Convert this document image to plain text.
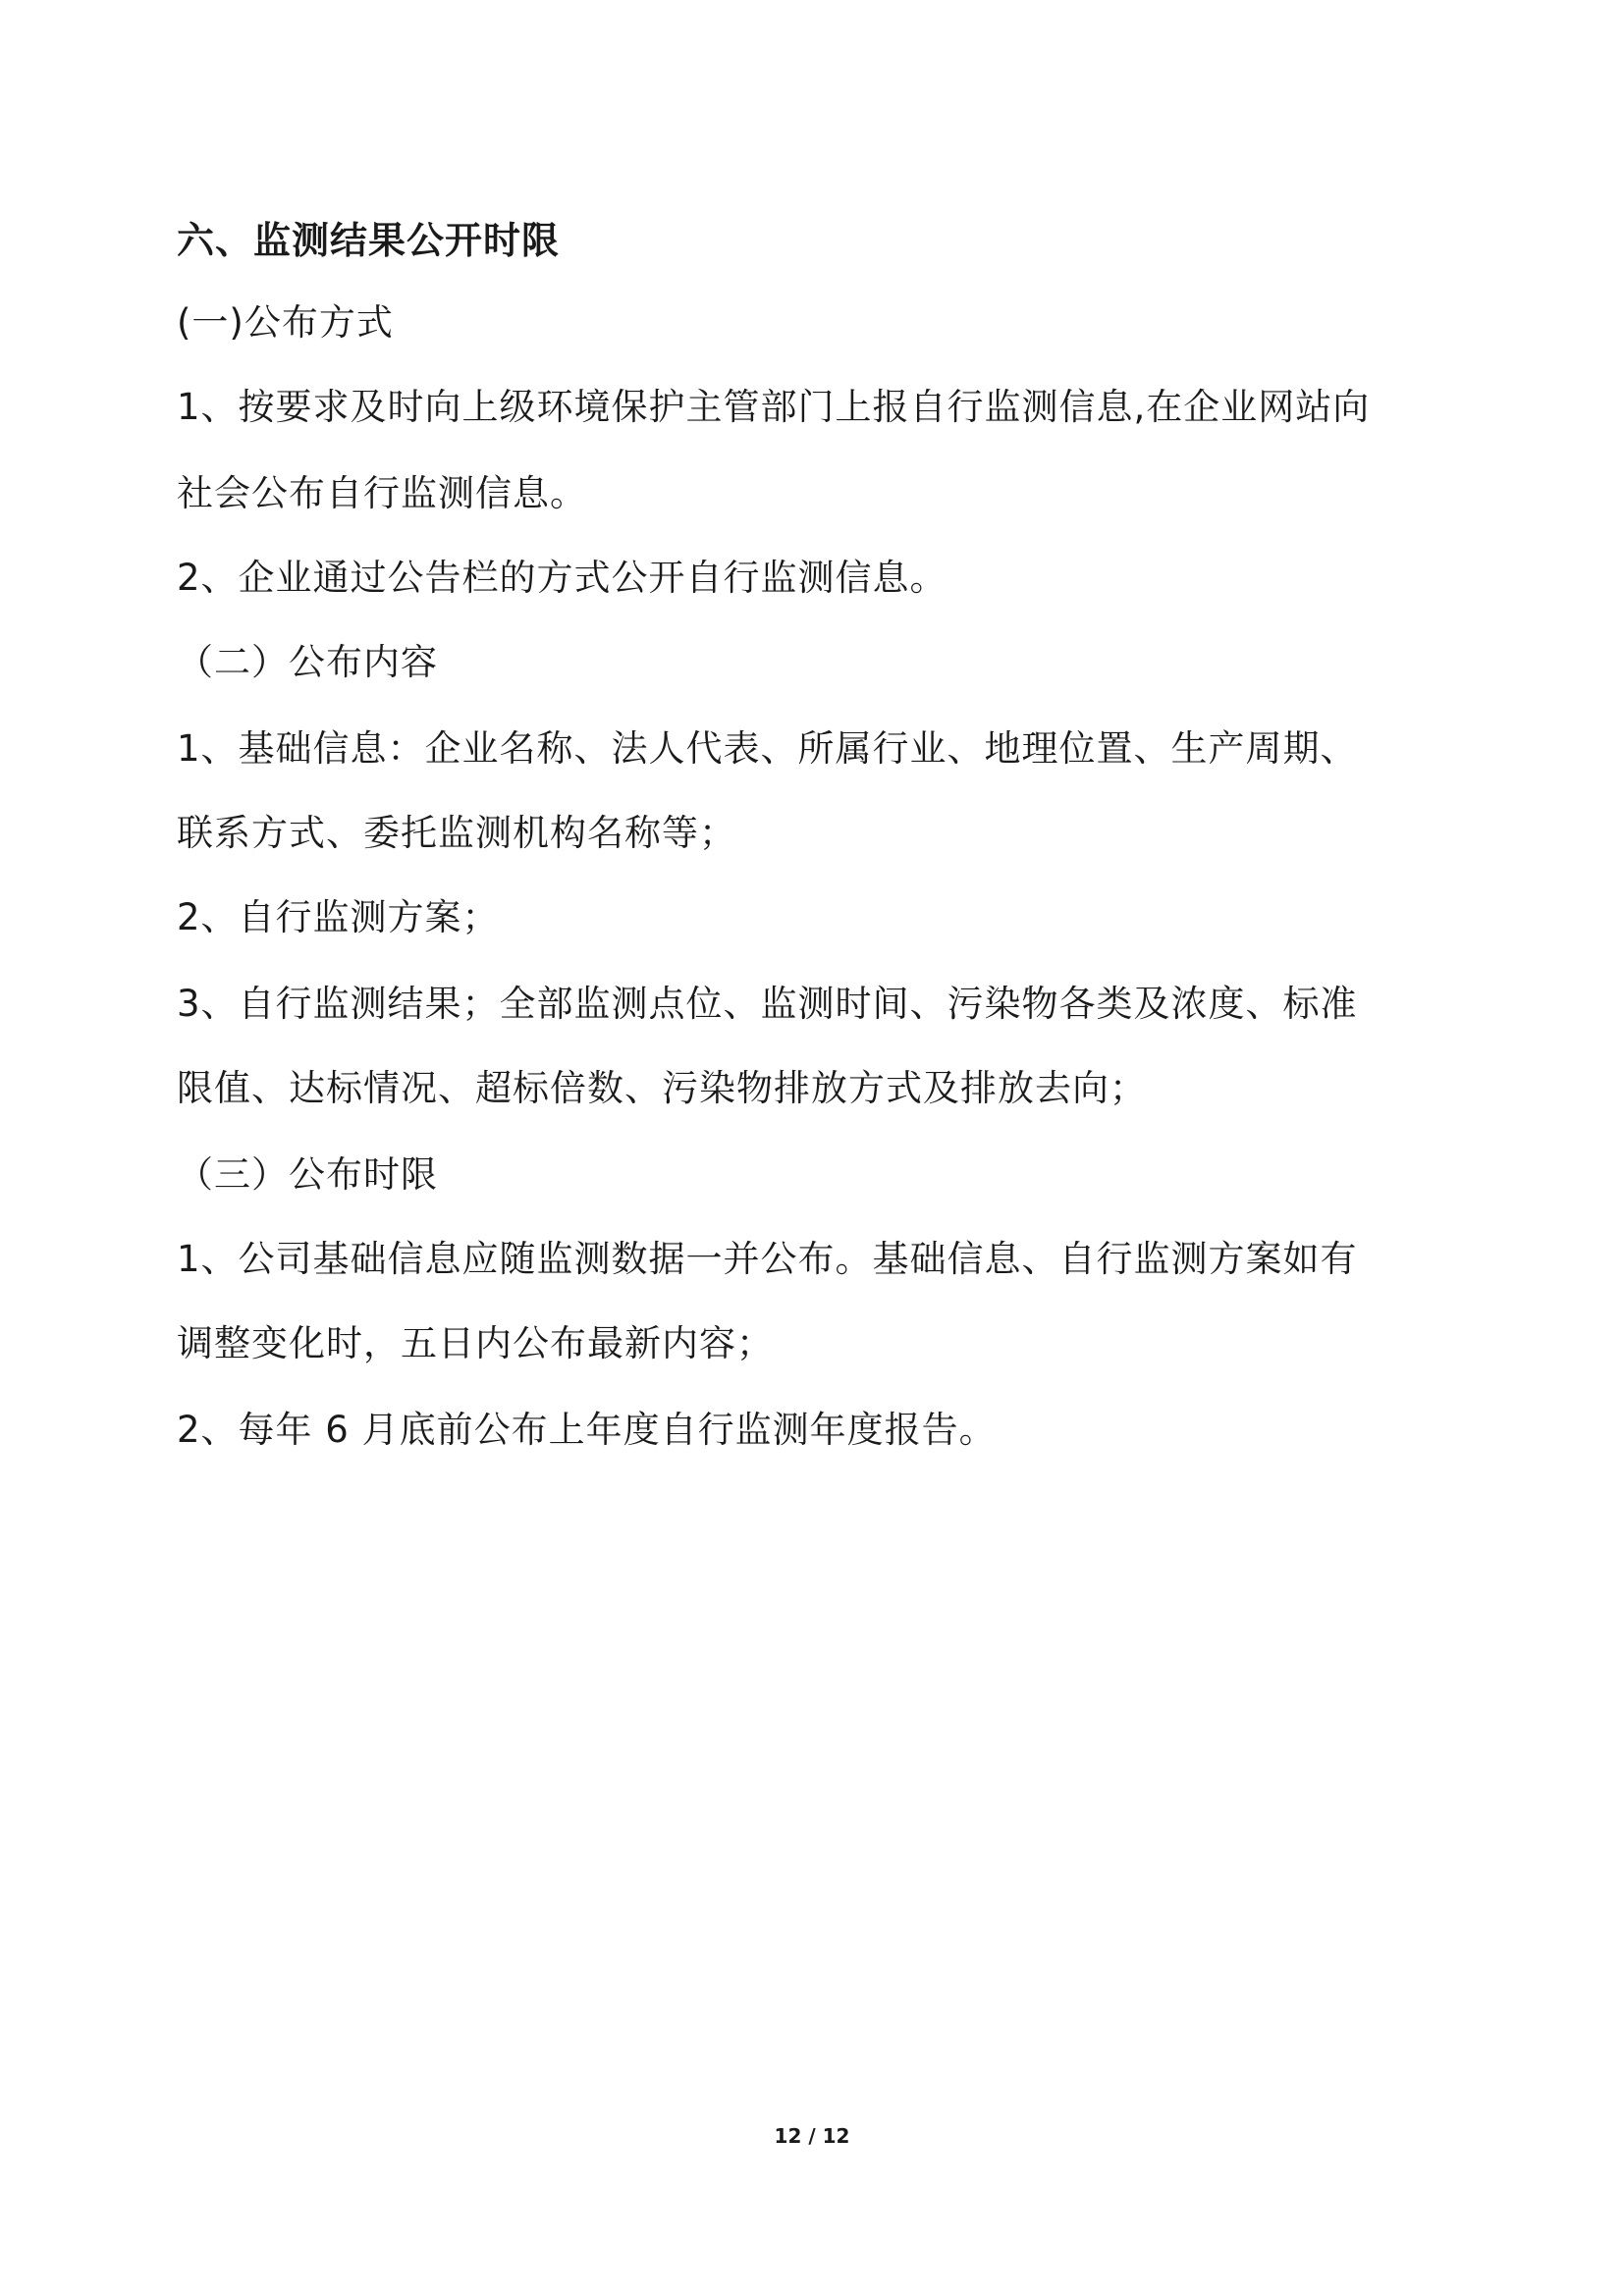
六、监测结果公开时限
(一)公布方式
1、按要求及时向上级环境保护主管部门上报自行监测信息,在企业网站向
社会公布自行监测信息。
2、企业通过公告栏的方式公开自行监测信息。
（二）公布内容
1、基础信息：企业名称、法人代表、所属行业、地理位置、生产周期、
联系方式、委托监测机构名称等；
2、自行监测方案；
3、自行监测结果；全部监测点位、监测时间、污染物各类及浓度、标准
限值、达标情况、超标倍数、污染物排放方式及排放去向；
（三）公布时限
1、公司基础信息应随监测数据一并公布。基础信息、自行监测方案如有
调整变化时，五日内公布最新内容；
2、每年 6 月底前公布上年度自行监测年度报告。
12 / 12
